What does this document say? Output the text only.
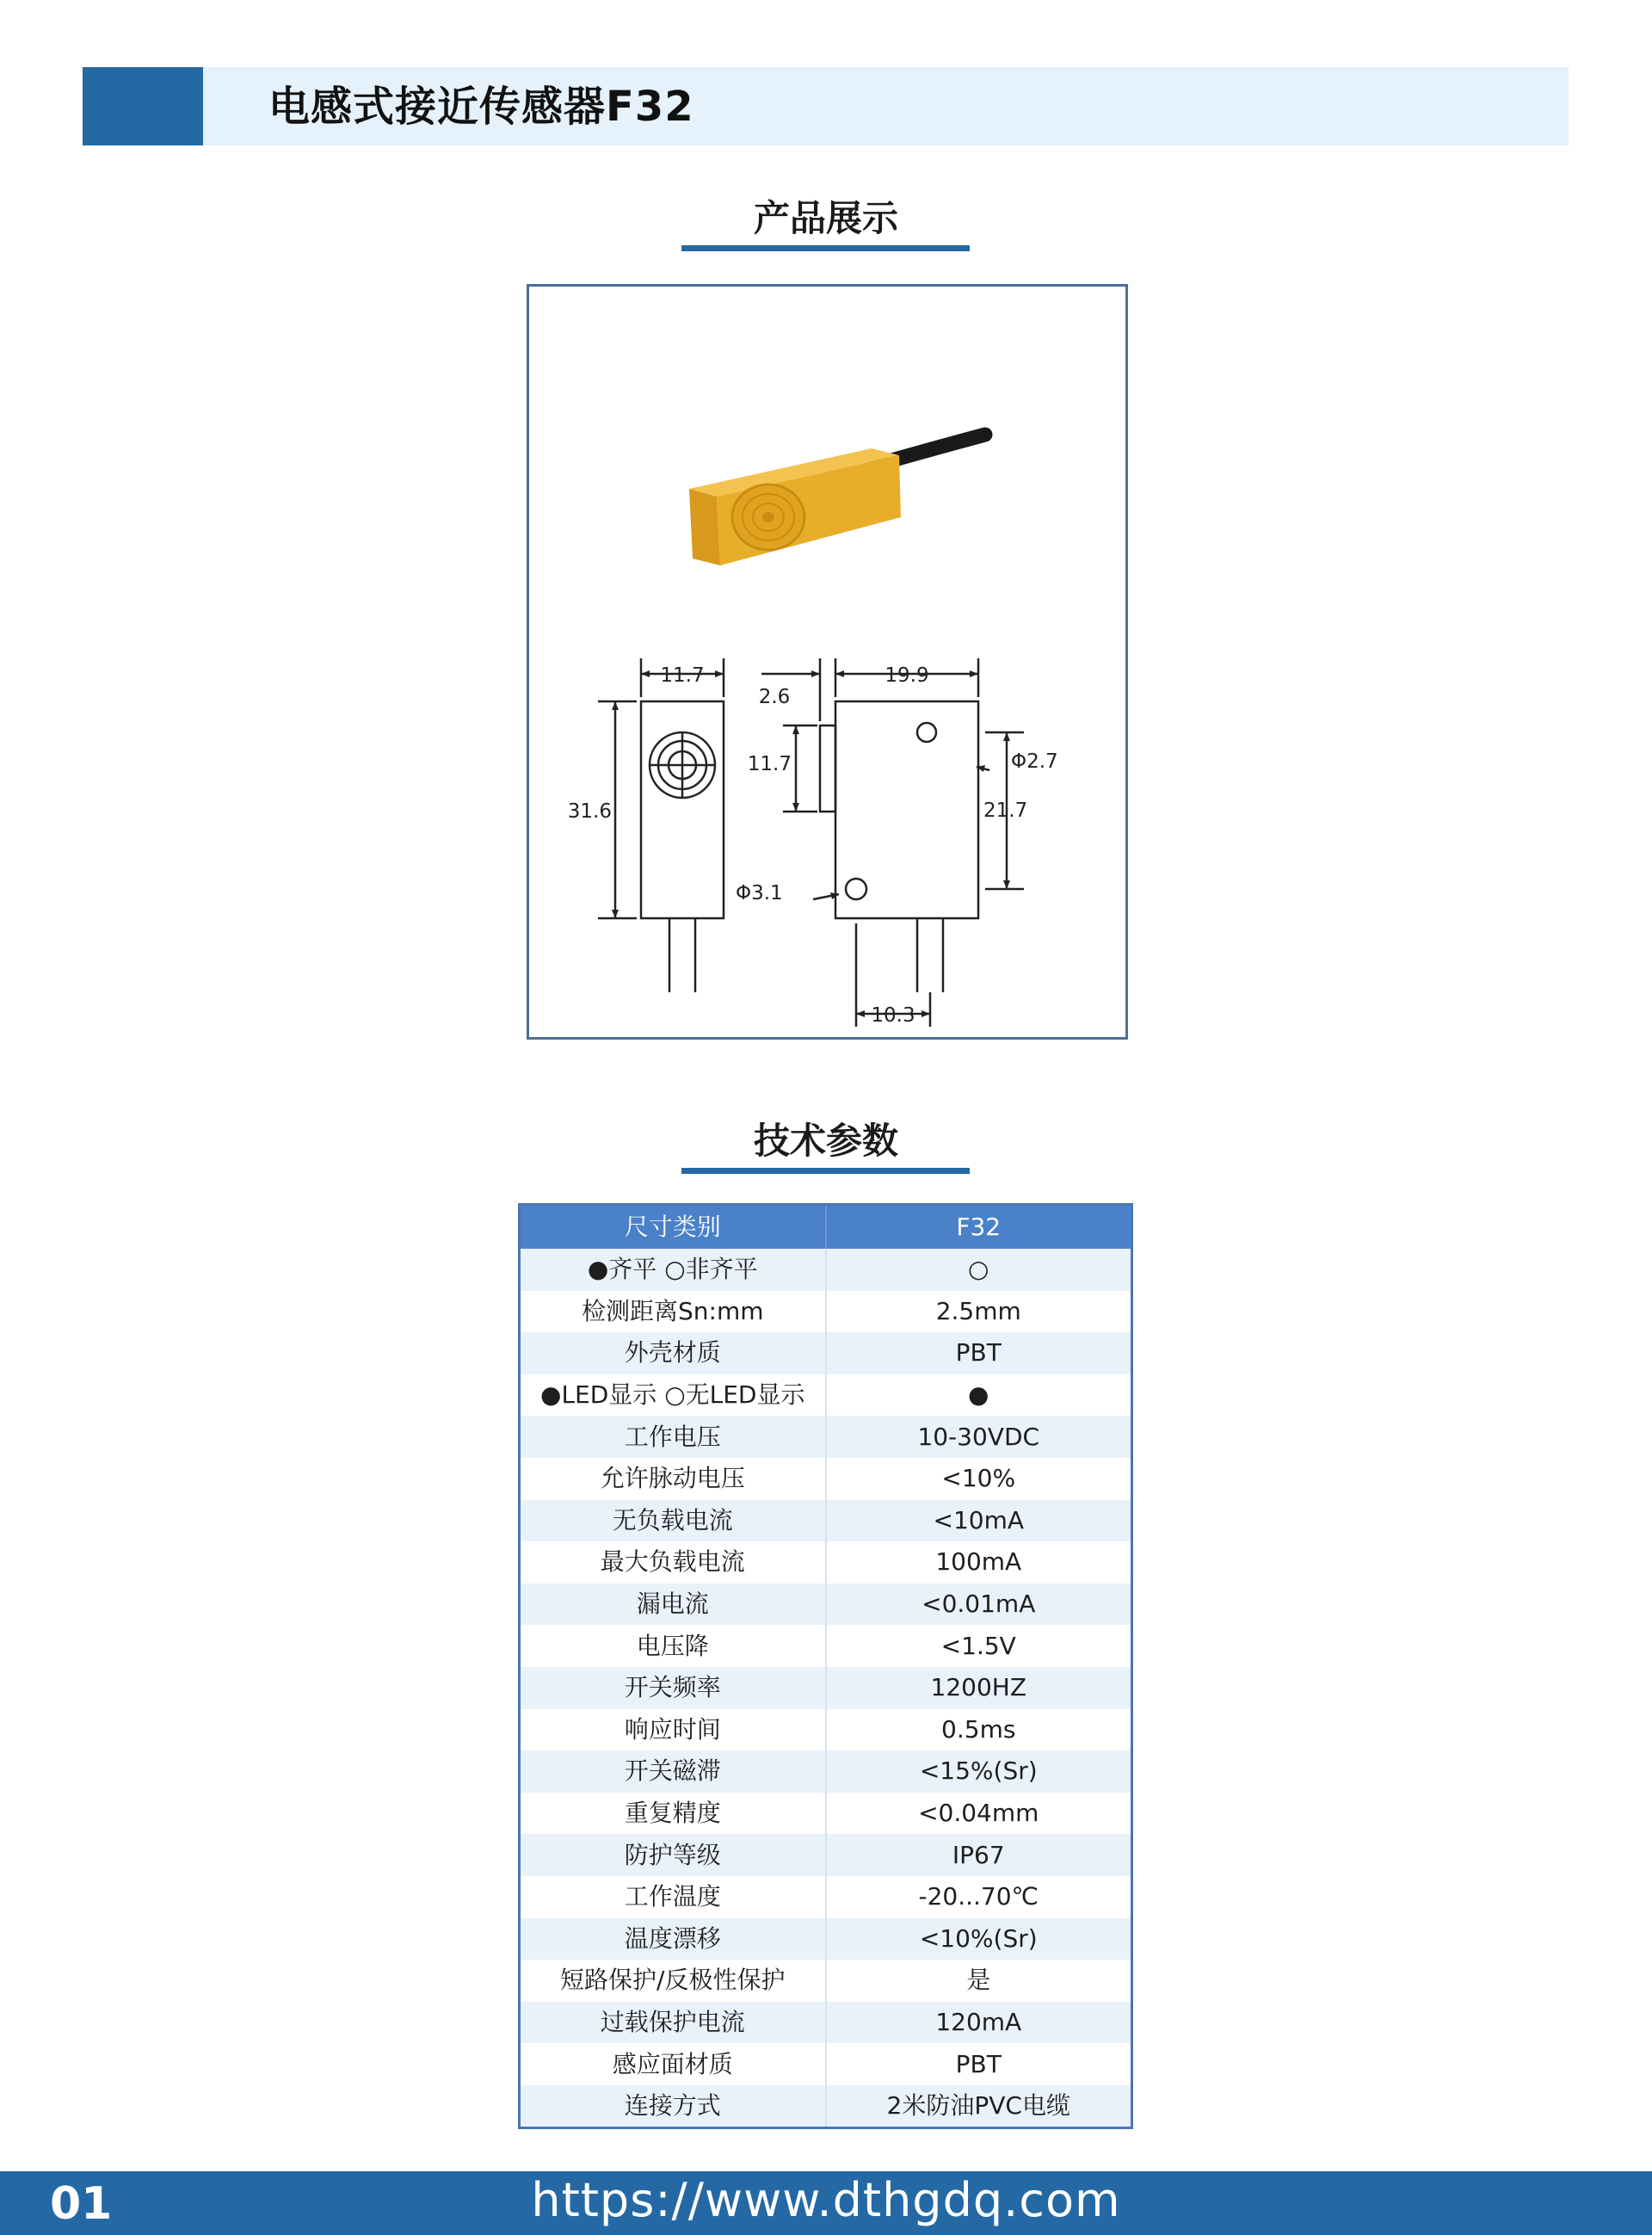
电感式接近传感器F32
产品展示
11.7
31.6
2.6
19.9
11.7	Φ2.7
21.7
Φ3.1
10.3
技术参数
尺寸类别	F32
●齐平 ○非齐平	○
检测距离Sn:mm	2.5mm
外壳材质	PBT
●LED显示 ○无LED显示	●
工作电压	10-30VDC
允许脉动电压	<10%
无负载电流	<10mA
最大负载电流	100mA
漏电流	<0.01mA
电压降	<1.5V
开关频率	1200HZ
响应时间	0.5ms
开关磁滞	<15%(Sr)
重复精度	<0.04mm
防护等级	IP67
工作温度	-20...70℃
温度漂移	<10%(Sr)
短路保护/反极性保护	是
过载保护电流	120mA
感应面材质	PBT
连接方式	2米防油PVC电缆
01	https://www.dthgdq.com
